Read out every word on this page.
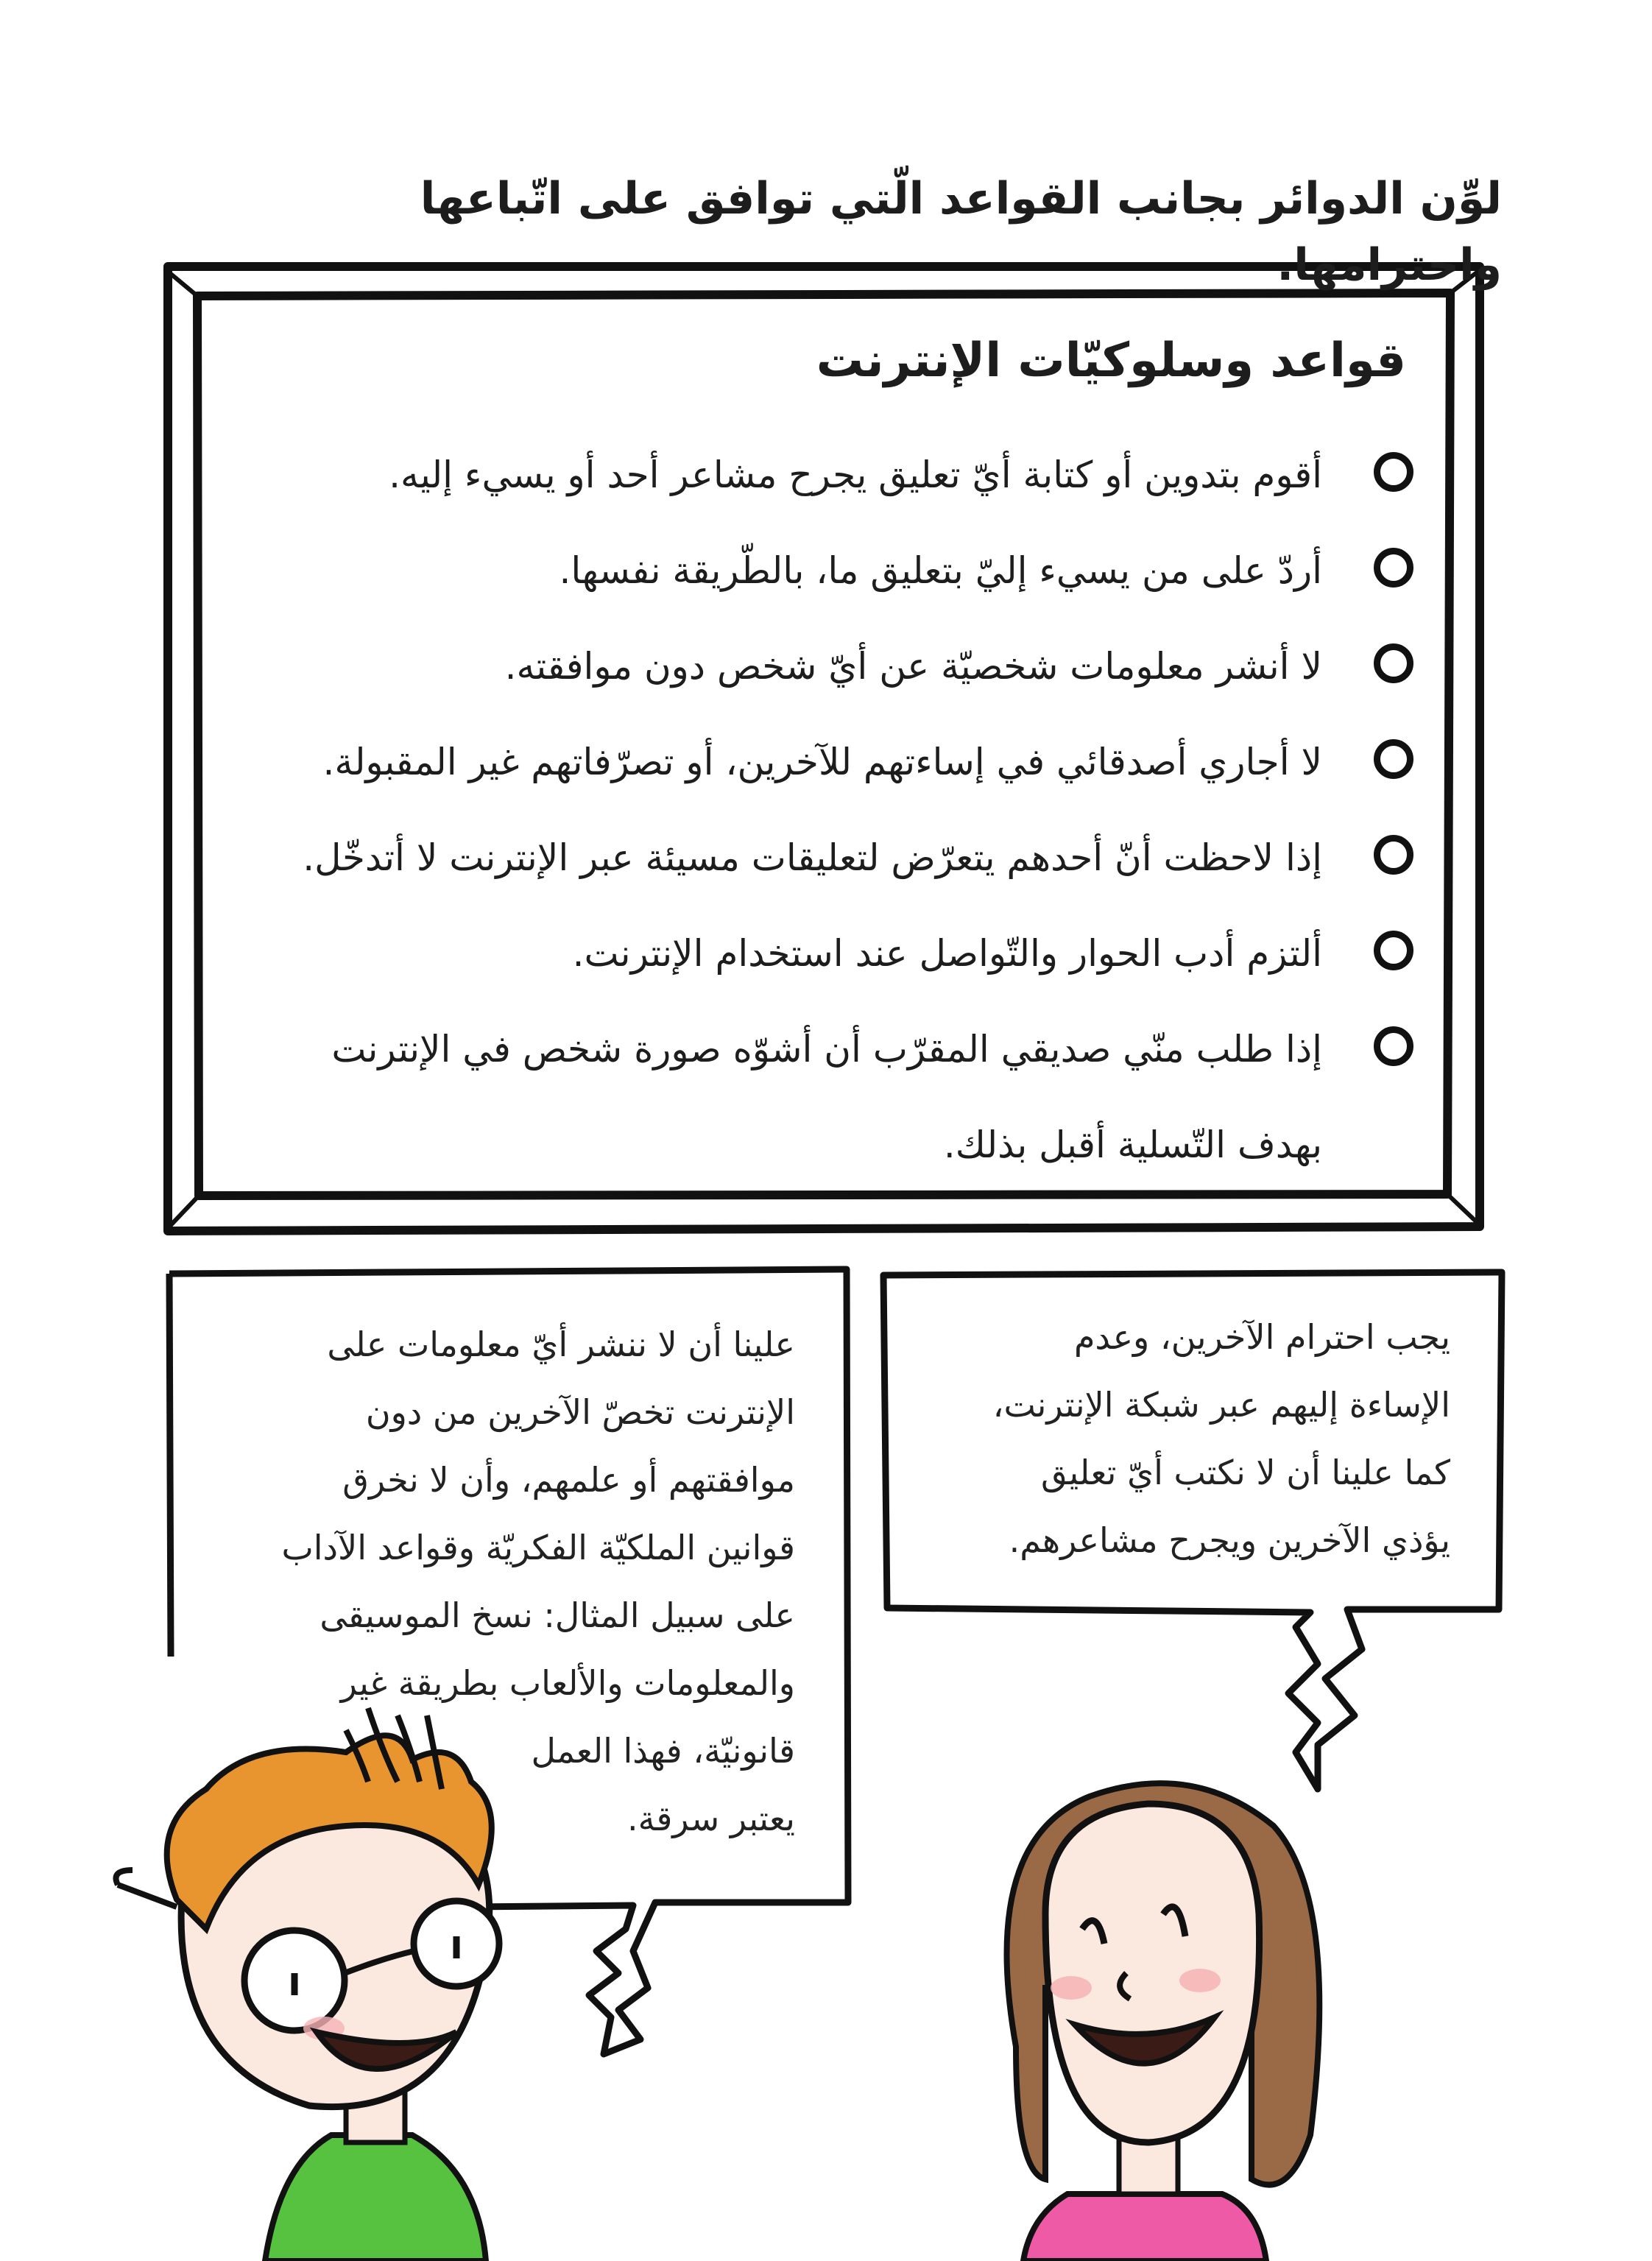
لوِّن الدوائر بجانب القواعد الّتي توافق على اتّباعها واحترامها.
قواعد وسلوكيّات الإنترنت
أقوم بتدوين أو كتابة أيّ تعليق يجرح مشاعر أحد أو يسيء إليه.
أردّ على من يسيء إليّ بتعليق ما، بالطّريقة نفسها.
لا أنشر معلومات شخصيّة عن أيّ شخص دون موافقته.
لا أجاري أصدقائي في إساءتهم للآخرين، أو تصرّفاتهم غير المقبولة.
إذا لاحظت أنّ أحدهم يتعرّض لتعليقات مسيئة عبر الإنترنت لا أتدخّل.
ألتزم أدب الحوار والتّواصل عند استخدام الإنترنت.
إذا طلب منّي صديقي المقرّب أن أشوّه صورة شخص في الإنترنت بهدف التّسلية أقبل بذلك.
علينا أن لا ننشر أيّ معلومات على
الإنترنت تخصّ الآخرين من دون
موافقتهم أو علمهم، وأن لا نخرق
قوانين الملكيّة الفكريّة وقواعد الآداب
على سبيل المثال: نسخ الموسيقى
والمعلومات والألعاب بطريقة غير
قانونيّة، فهذا العمل
يعتبر سرقة.
يجب احترام الآخرين، وعدم
الإساءة إليهم عبر شبكة الإنترنت،
كما علينا أن لا نكتب أيّ تعليق
يؤذي الآخرين ويجرح مشاعرهم.
